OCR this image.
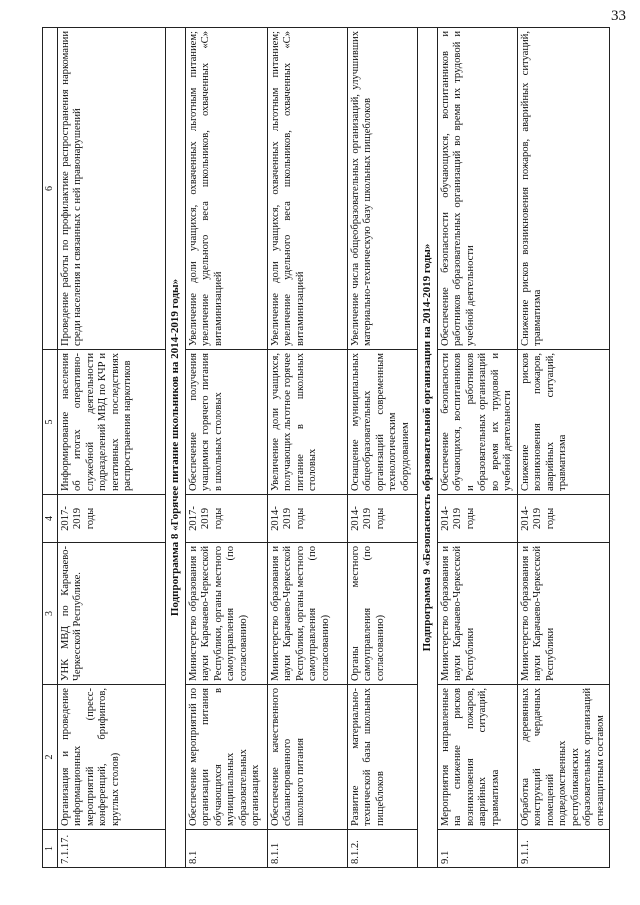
33
1	2	3	4	5	6
7.1.17.	Организация и проведение информационных мероприятий (пресс-конференций, брифингов, круглых столов)	УНК МВД по Карачаево-Черкесской Республике.	2017-2019 годы	Информирование населения об итогах оперативно-служебной деятельности подразделений МВД по КЧР и негативных последствиях распространения наркотиков	Проведение работы по профилактике распространения наркомании среди населения и связанных с ней правонарушений
Подпрограмма 8 «Горячее питание школьников на 2014-2019 годы»					
8.1	Обеспечение мероприятий по организации питания обучающихся в муниципальных образовательных организациях	Министерство образования и науки Карачаево-Черкесской Республики, органы местного самоуправления (по согласованию)	2017-2019 годы	Обеспечение получения учащимися горячего питания в школьных столовых	Увеличение доли учащихся, охваченных льготным питанием; увеличение удельного веса школьников, охваченных «С» витаминизацией
8.1.1	Обеспечение качественного сбалансированного школьного питания	Министерство образования и науки Карачаево-Черкесской Республики, органы местного самоуправления (по согласованию)	2014-2019 годы	Увеличение доли учащихся, получающих льготное горячее питание в школьных столовых	Увеличение доли учащихся, охваченных льготным питанием; увеличение удельного веса школьников, охваченных «С» витаминизацией
8.1.2.	Развитие материально-технической базы школьных пищеблоков	Органы местного самоуправления (по согласованию)	2014-2019 годы	Оснащение муниципальных общеобразовательных организаций современным технологическим оборудованием	Увеличение числа общеобразовательных организаций, улучшивших материально-техническую базу школьных пищеблоков
Подпрограмма 9 «Безопасность образовательной организации на 2014-2019 годы»					
9.1	Мероприятия направленные на снижение рисков возникновения пожаров, аварийных ситуаций, травматизма	Министерство образования и науки Карачаево-Черкесской Республики	2014-2019 годы	Обеспечение безопасности обучающихся, воспитанников и работников образовательных организаций во время их трудовой и учебной деятельности	Обеспечение безопасности обучающихся, воспитанников и работников образовательных организаций во время их трудовой и учебной деятельности
9.1.1.	Обработка деревянных конструкций чердачных помещений подведомственных республиканских образовательных организаций огнезащитным составом	Министерство образования и науки Карачаево-Черкесской Республики	2014-2019 годы	Снижение рисков возникновения пожаров, аварийных ситуаций, травматизма	Снижение рисков возникновения пожаров, аварийных ситуаций, травматизма
